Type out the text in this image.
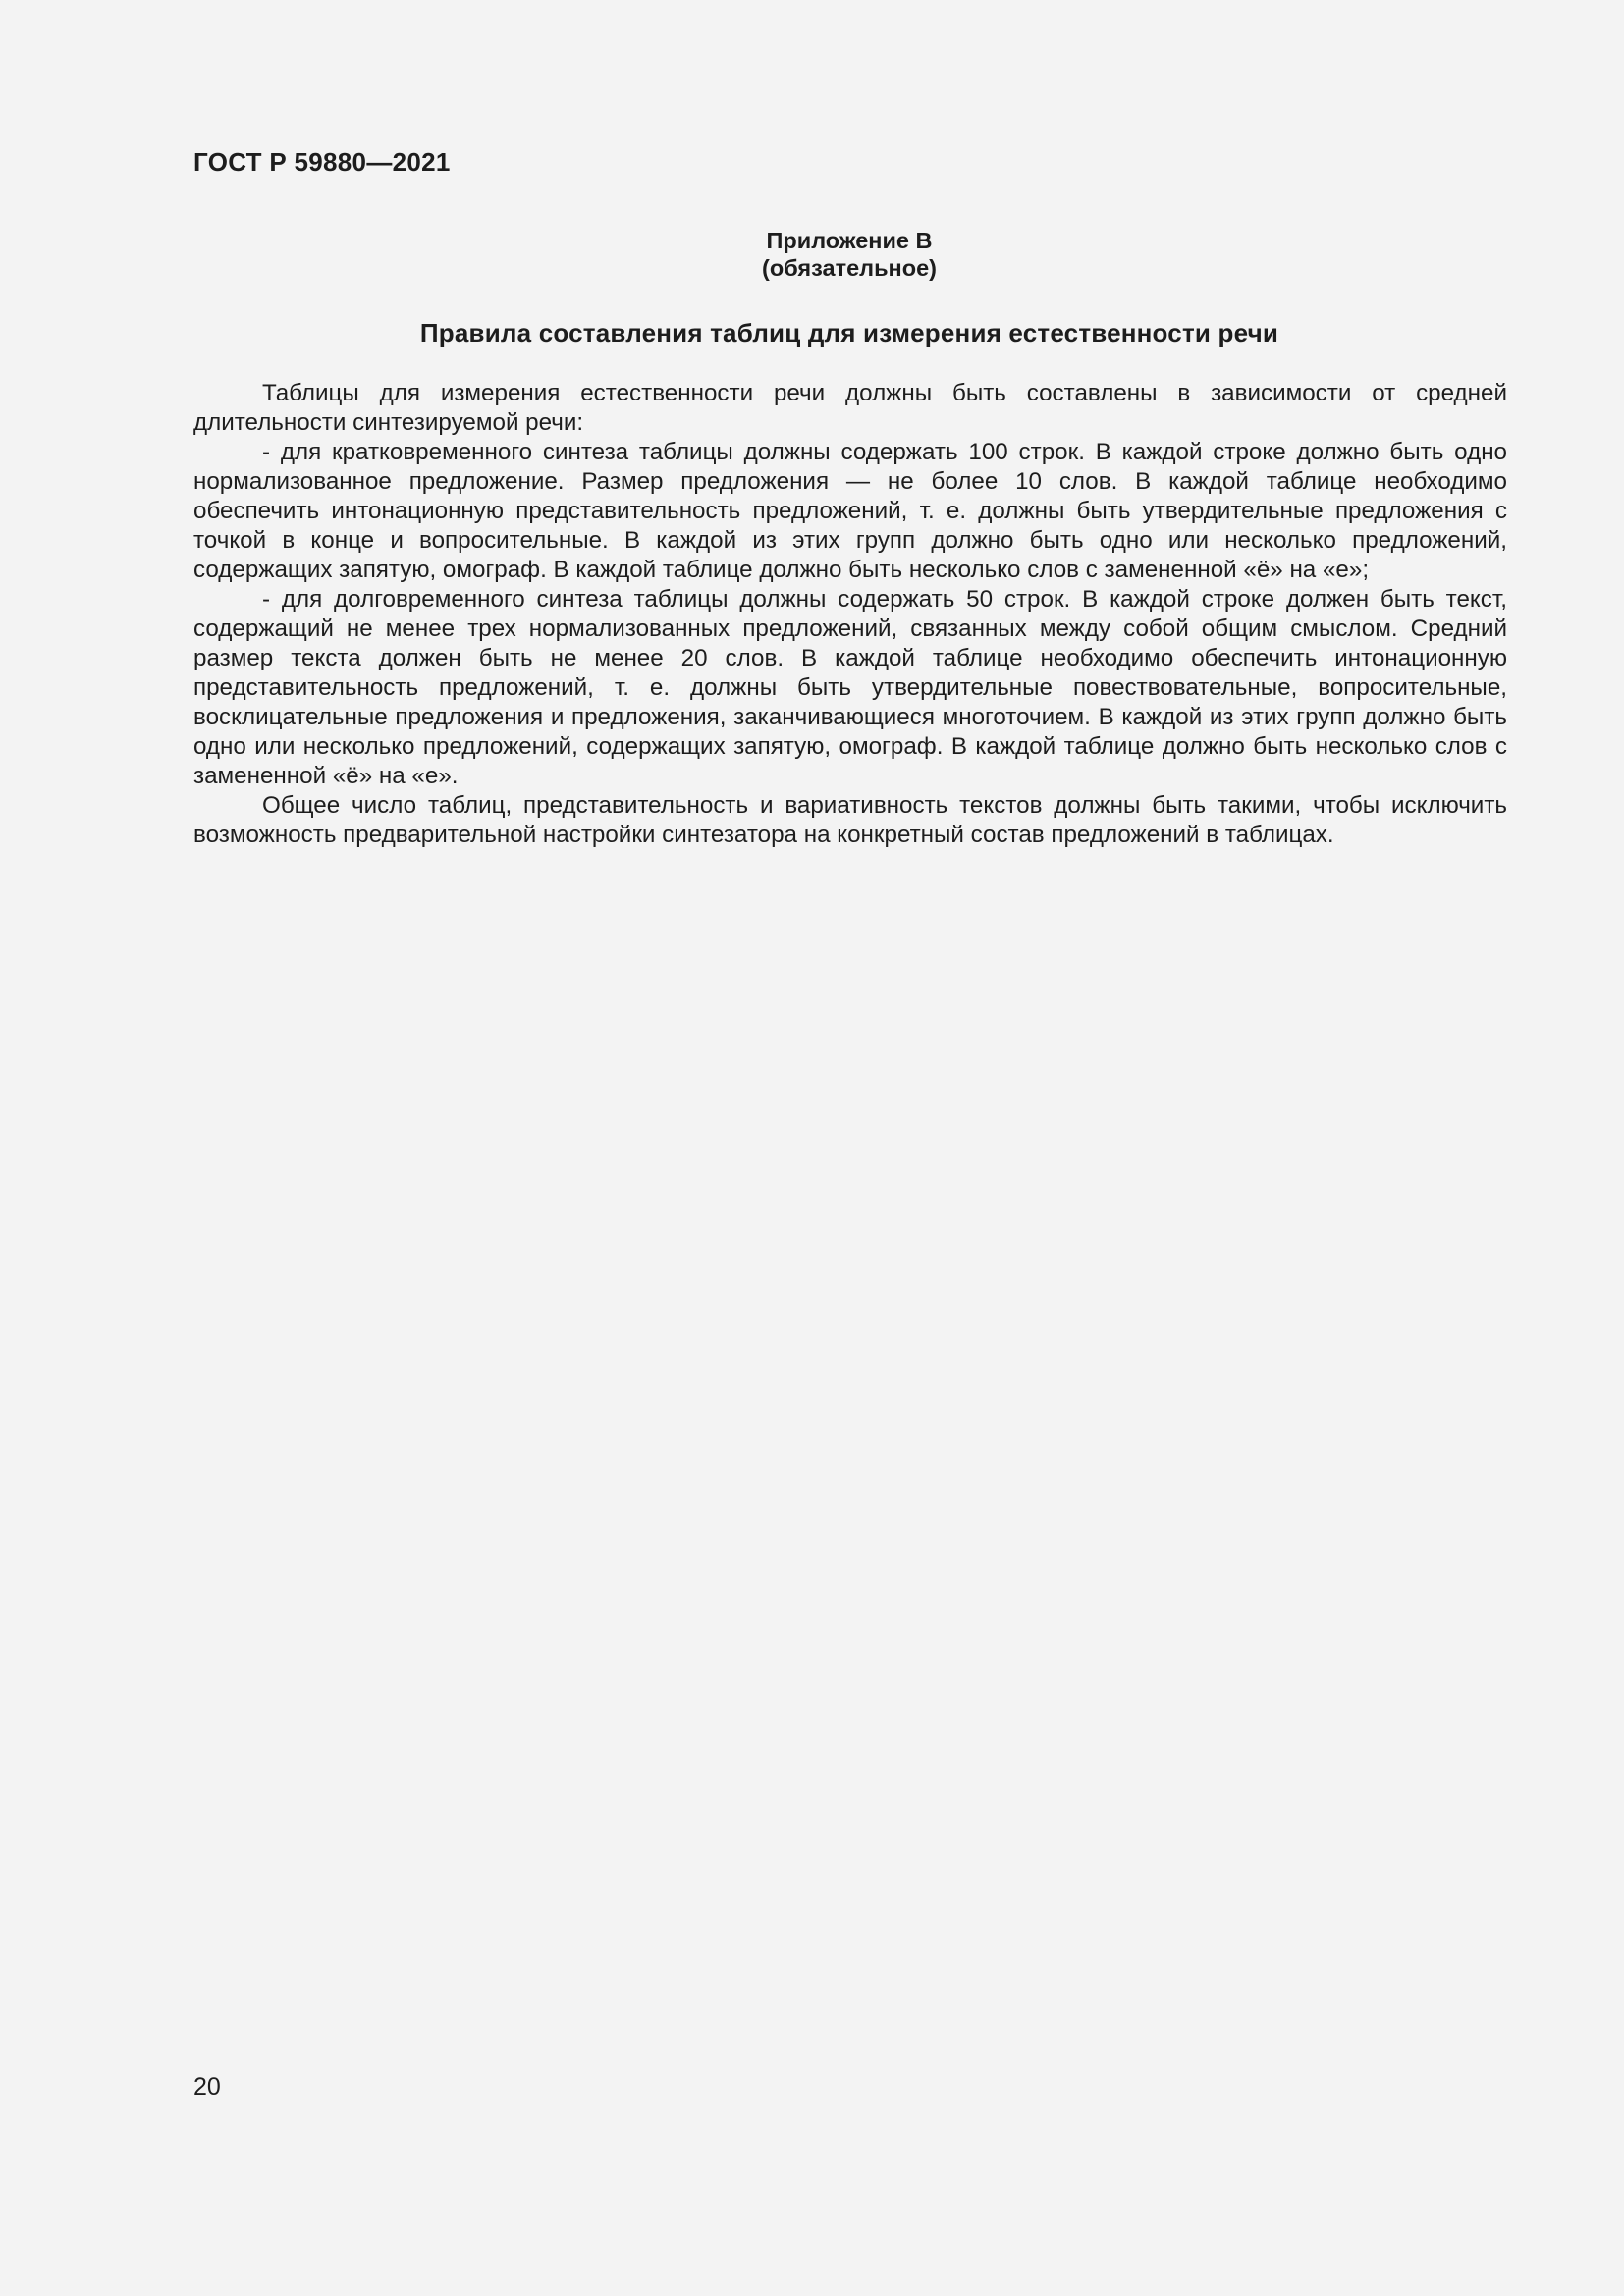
ГОСТ Р 59880—2021
Приложение В
(обязательное)
Правила составления таблиц для измерения естественности речи

Таблицы для измерения естественности речи должны быть составлены в зависимости от средней длительности синтезируемой речи:

- для кратковременного синтеза таблицы должны содержать 100 строк. В каждой строке должно быть одно нормализованное предложение. Размер предложения — не более 10 слов. В каждой таблице необходимо обеспечить интонационную представительность предложений, т. е. должны быть утвердительные предложения с точкой в конце и вопросительные. В каждой из этих групп должно быть одно или несколько предложений, содержащих запятую, омограф. В каждой таблице должно быть несколько слов с замененной «ё» на «е»;

- для долговременного синтеза таблицы должны содержать 50 строк. В каждой строке должен быть текст, содержащий не менее трех нормализованных предложений, связанных между собой общим смыслом. Средний размер текста должен быть не менее 20 слов. В каждой таблице необходимо обеспечить интонационную представительность предложений, т. е. должны быть утвердительные повествовательные, вопросительные, восклицательные предложения и предложения, заканчивающиеся многоточием. В каждой из этих групп должно быть одно или несколько предложений, содержащих запятую, омограф. В каждой таблице должно быть несколько слов с замененной «ё» на «е».

Общее число таблиц, представительность и вариативность текстов должны быть такими, чтобы исключить возможность предварительной настройки синтезатора на конкретный состав предложений в таблицах.

20
